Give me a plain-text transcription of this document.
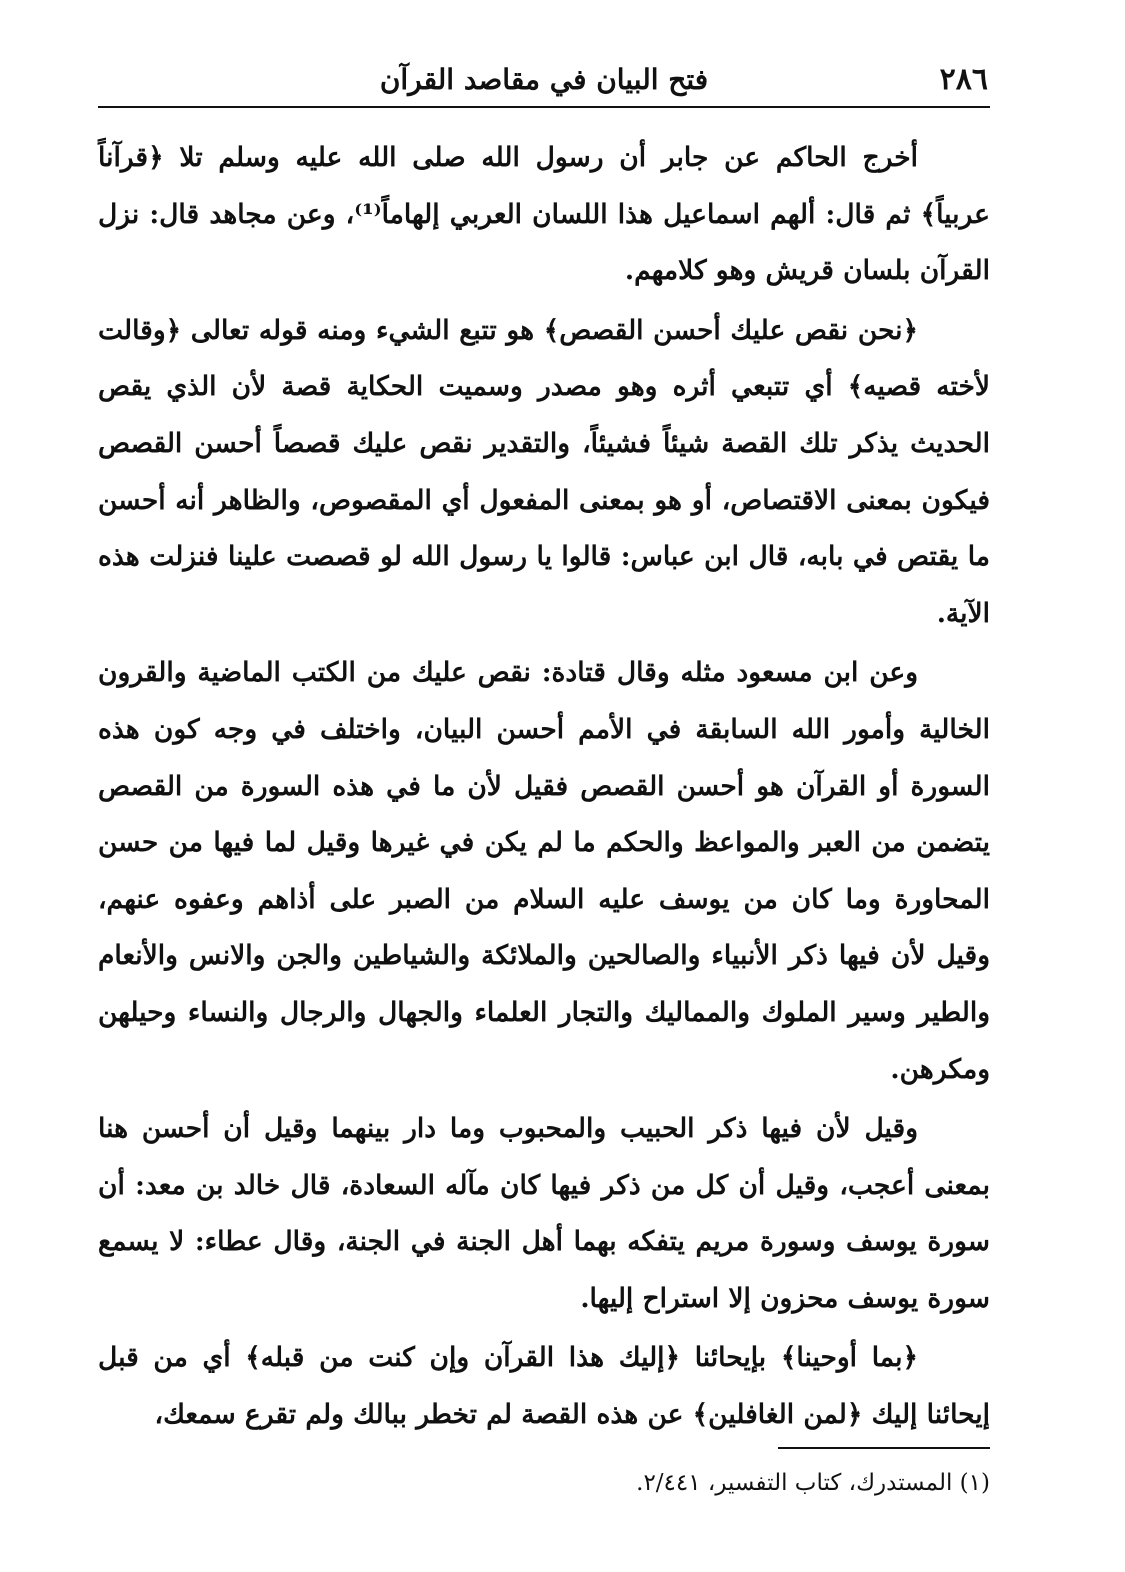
٢٨٦
فتح البيان في مقاصد القرآن

أخرج الحاكم عن جابر أن رسول الله صلى الله عليه وسلم تلا ﴿قرآناً عربياً﴾ ثم قال: ألهم اسماعيل هذا اللسان العربي إلهاماً⁽¹⁾، وعن مجاهد قال: نزل القرآن بلسان قريش وهو كلامهم.

﴿نحن نقص عليك أحسن القصص﴾ هو تتبع الشيء ومنه قوله تعالى ﴿وقالت لأخته قصيه﴾ أي تتبعي أثره وهو مصدر وسميت الحكاية قصة لأن الذي يقص الحديث يذكر تلك القصة شيئاً فشيئاً، والتقدير نقص عليك قصصاً أحسن القصص فيكون بمعنى الاقتصاص، أو هو بمعنى المفعول أي المقصوص، والظاهر أنه أحسن ما يقتص في بابه، قال ابن عباس: قالوا يا رسول الله لو قصصت علينا فنزلت هذه الآية.

وعن ابن مسعود مثله وقال قتادة: نقص عليك من الكتب الماضية والقرون الخالية وأمور الله السابقة في الأمم أحسن البيان، واختلف في وجه كون هذه السورة أو القرآن هو أحسن القصص فقيل لأن ما في هذه السورة من القصص يتضمن من العبر والمواعظ والحكم ما لم يكن في غيرها وقيل لما فيها من حسن المحاورة وما كان من يوسف عليه السلام من الصبر على أذاهم وعفوه عنهم، وقيل لأن فيها ذكر الأنبياء والصالحين والملائكة والشياطين والجن والانس والأنعام والطير وسير الملوك والمماليك والتجار العلماء والجهال والرجال والنساء وحيلهن ومكرهن.

وقيل لأن فيها ذكر الحبيب والمحبوب وما دار بينهما وقيل أن أحسن هنا بمعنى أعجب، وقيل أن كل من ذكر فيها كان مآله السعادة، قال خالد بن معد: أن سورة يوسف وسورة مريم يتفكه بهما أهل الجنة في الجنة، وقال عطاء: لا يسمع سورة يوسف محزون إلا استراح إليها.

﴿بما أوحينا﴾ بإيحائنا ﴿إليك هذا القرآن وإن كنت من قبله﴾ أي من قبل إيحائنا إليك ﴿لمن الغافلين﴾ عن هذه القصة لم تخطر ببالك ولم تقرع سمعك،

(١) المستدرك، كتاب التفسير، ٢/٤٤١.
